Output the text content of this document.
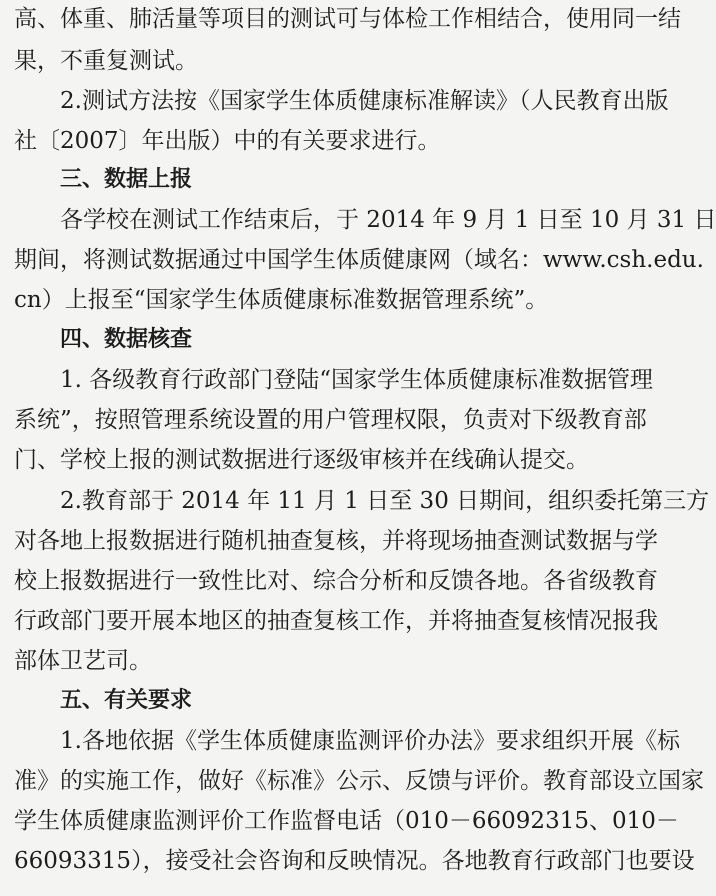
高、体重、肺活量等项目的测试可与体检工作相结合，使用同一结
果，不重复测试。
2.测试方法按《国家学生体质健康标准解读》（人民教育出版
社〔2007〕年出版）中的有关要求进行。
三、数据上报
各学校在测试工作结束后，于 2014 年 9 月 1 日至 10 月 31 日
期间，将测试数据通过中国学生体质健康网（域名：www.csh.edu.
cn）上报至“国家学生体质健康标准数据管理系统”。
四、数据核查
1. 各级教育行政部门登陆“国家学生体质健康标准数据管理
系统”，按照管理系统设置的用户管理权限，负责对下级教育部
门、学校上报的测试数据进行逐级审核并在线确认提交。
2.教育部于 2014 年 11 月 1 日至 30 日期间，组织委托第三方
对各地上报数据进行随机抽查复核，并将现场抽查测试数据与学
校上报数据进行一致性比对、综合分析和反馈各地。各省级教育
行政部门要开展本地区的抽查复核工作，并将抽查复核情况报我
部体卫艺司。
五、有关要求
1.各地依据《学生体质健康监测评价办法》要求组织开展《标
准》的实施工作，做好《标准》公示、反馈与评价。教育部设立国家
学生体质健康监测评价工作监督电话（010－66092315、010－
66093315），接受社会咨询和反映情况。各地教育行政部门也要设
